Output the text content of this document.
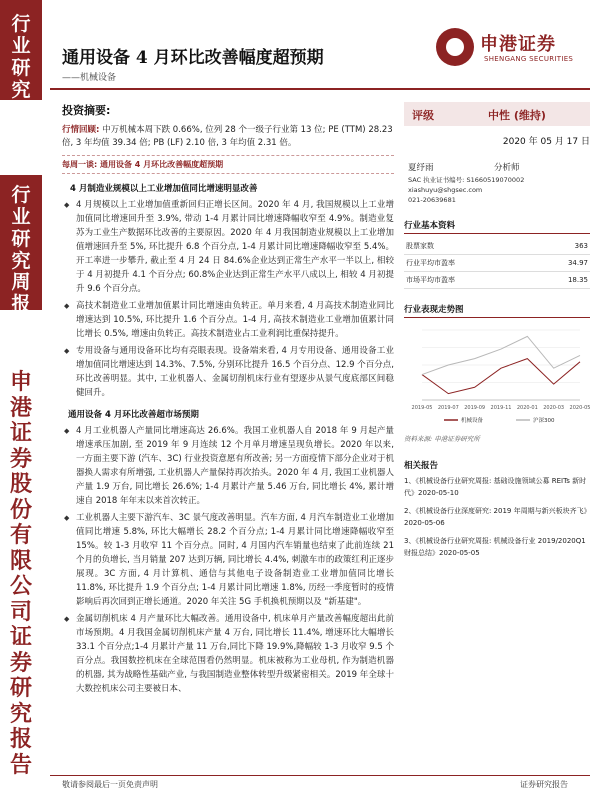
行
业
研
究
行
业
研
究
周
报
申
港
证
券
股
份
有
限
公
司
证
券
研
究
报
告
通用设备 4 月环比改善幅度超预期
——机械设备
申港证券
SHENGANG SECURITIES
投资摘要:
行情回顾: 中万机械本周下跌 0.66%, 位列 28 个一级子行业第 13 位; PE (TTM) 28.23 倍, 3 年均值 39.34 倍; PB (LF) 2.10 倍, 3 年均值 2.31 倍。
每周一谈: 通用设备 4 月环比改善幅度超预期
4 月制造业规模以上工业增加值同比增速明显改善
◆ 4 月规模以上工业增加值重新回归正增长区间。2020 年 4 月, 我国规模以上工业增加值同比增速回升至 3.9%, 带动 1-4 月累计同比增速降幅收窄至 4.9%。制造业复苏为工业生产数据环比改善的主要原因。2020 年 4 月我国制造业规模以上工业增加值增速回升至 5%, 环比提升 6.8 个百分点, 1-4 月累计同比增速降幅收窄至 5.4%。开工率进一步攀升, 截止至 4 月 24 日 84.6%企业达到正常生产水平一半以上, 相较于 4 月初提升 4.1 个百分点; 60.8%企业达到正常生产水平八成以上, 相较 4 月初提升 9.6 个百分点。
◆ 高技术制造业工业增加值累计同比增速由负转正。单月来看, 4 月高技术制造业同比增速达到 10.5%, 环比提升 1.6 个百分点。1-4 月, 高技术制造业工业增加值累计同比增长 0.5%, 增速由负转正。高技术制造业占工业利润比重保持提升。
◆ 专用设备与通用设备环比均有亮眼表现。设备端来看, 4 月专用设备、通用设备工业增加值同比增速达到 14.3%、7.5%, 分别环比提升 16.5 个百分点、12.9 个百分点, 环比改善明显。其中, 工业机器人、金属切削机床行业有望逐步从景气度底部区间稳健回升。
通用设备 4 月环比改善超市场预期
◆ 4 月工业机器人产量同比增速高达 26.6%。我国工业机器人自 2018 年 9 月起产量增速承压加剧, 至 2019 年 9 月连续 12 个月单月增速呈现负增长。2020 年以来, 一方面主要下游 (汽车、3C) 行业投资意愿有所改善; 另一方面疫情下部分企业对于机器换人需求有所增强, 工业机器人产量保持再次抬头。2020 年 4 月, 我国工业机器人产量 1.9 万台, 同比增长 26.6%; 1-4 月累计产量 5.46 万台, 同比增长 4%, 累计增速自 2018 年年末以来首次转正。
◆ 工业机器人主要下游汽车、3C 景气度改善明显。汽车方面, 4 月汽车制造业工业增加值同比增速 5.8%, 环比大幅增长 28.2 个百分点; 1-4 月累计同比增速降幅收窄至 15%。较 1-3 月收窄 11 个百分点。同时, 4 月国内汽车销量也结束了此前连续 21 个月的负增长, 当月销量 207 达到万辆, 同比增长 4.4%, 刺激车市的政策红利正逐步展现。3C 方面, 4 月计算机、通信与其他电子设备制造业工业增加值同比增长 11.8%, 环比提升 1.9 个百分点; 1-4 月累计同比增速 1.8%, 历经一季度暂时的疫情影响后再次回到正增长通道。2020 年关注 5G 手机换机预期以及 "新基建"。
◆ 金属切削机床 4 月产量环比大幅改善。通用设备中, 机床单月产量改善幅度超出此前市场预期。4 月我国金属切削机床产量 4 万台, 同比增长 11.4%, 增速环比大幅增长 33.1 个百分点;1-4 月累计产量 11 万台,同比下降 19.9%,降幅较 1-3 月收窄 9.5 个百分点。我国数控机床在全球范围看仍然明显。机床被称为工业母机, 作为制造机器的机器, 其为战略性基础产业, 与我国制造业整体转型升级紧密相关。2019 年全球十大数控机床公司主要被日本、
评级	中性 (维持)
2020 年 05 月 17 日
夏纾雨	分析师
SAC 执业证书编号: S1660519070002
xiashuyu@shgsec.com
021-20639681
行业基本资料
股票家数	363
行业平均市盈率	34.97
市场平均市盈率	18.35
行业表现走势图
2019-05 2019-07 2019-09 2019-11 2020-01 2020-03 2020-05
机械设备	沪深300
资料来源: 申港证券研究所
相关报告
1、《机械设备行业研究周报: 基础设施领域公募 REITs 新时代》2020-05-10
2、《机械设备行业深度研究: 2019 年周期与新兴板块齐飞》2020-05-06
3、《机械设备行业研究周报: 机械设备行业 2019/2020Q1 财报总结》2020-05-05
敬请参阅最后一页免责声明	证券研究报告
